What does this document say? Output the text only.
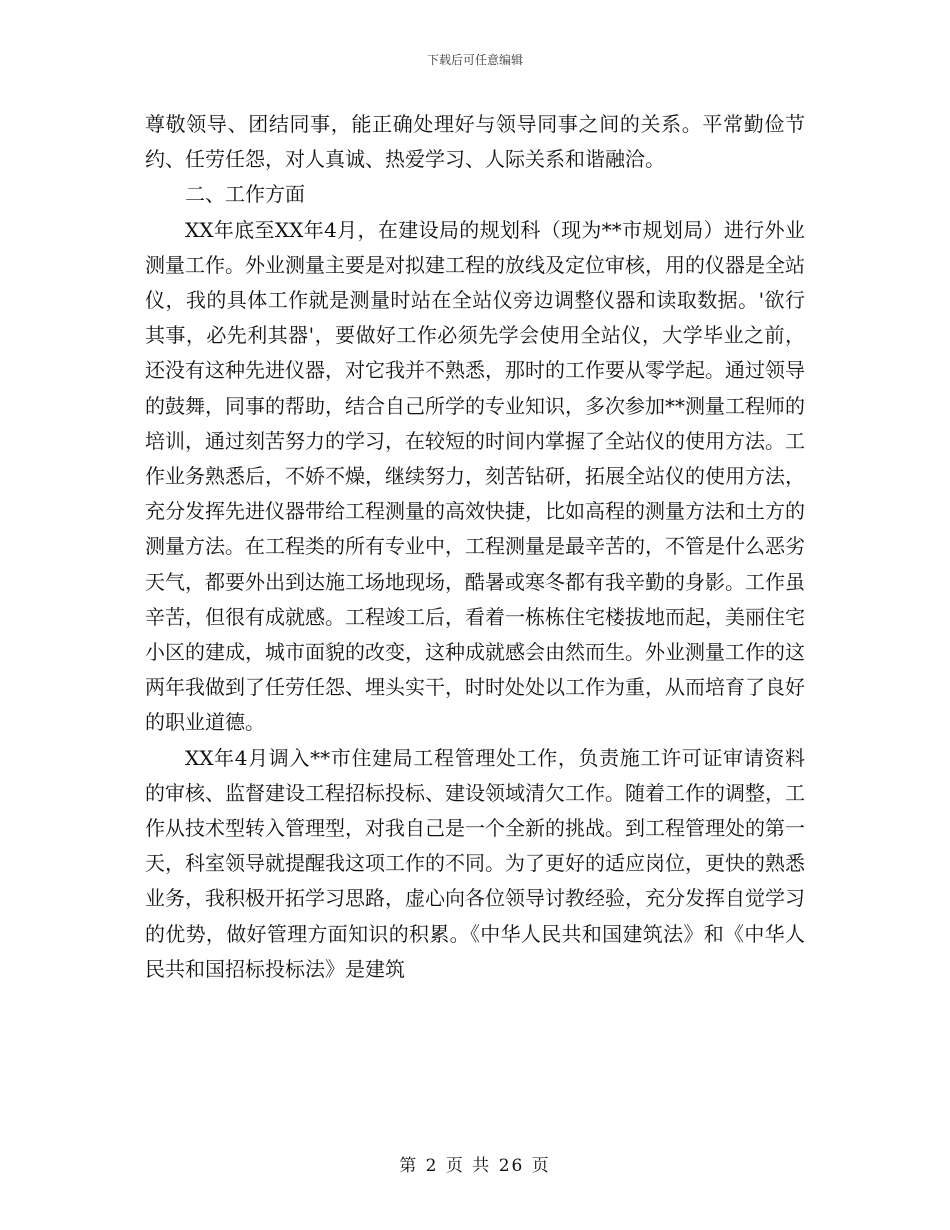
下载后可任意编辑

尊敬领导、团结同事，能正确处理好与领导同事之间的关系。平常勤俭节约、任劳任怨，对人真诚、热爱学习、人际关系和谐融洽。

二、工作方面

XX年底至XX年4月，在建设局的规划科（现为**市规划局）进行外业测量工作。外业测量主要是对拟建工程的放线及定位审核，用的仪器是全站仪，我的具体工作就是测量时站在全站仪旁边调整仪器和读取数据。'欲行其事，必先利其器'，要做好工作必须先学会使用全站仪，大学毕业之前，还没有这种先进仪器，对它我并不熟悉，那时的工作要从零学起。通过领导的鼓舞，同事的帮助，结合自己所学的专业知识，多次参加**测量工程师的培训，通过刻苦努力的学习，在较短的时间内掌握了全站仪的使用方法。工作业务熟悉后，不娇不燥，继续努力，刻苦钻研，拓展全站仪的使用方法，充分发挥先进仪器带给工程测量的高效快捷，比如高程的测量方法和土方的测量方法。在工程类的所有专业中，工程测量是最辛苦的，不管是什么恶劣天气，都要外出到达施工场地现场，酷暑或寒冬都有我辛勤的身影。工作虽辛苦，但很有成就感。工程竣工后，看着一栋栋住宅楼拔地而起，美丽住宅小区的建成，城市面貌的改变，这种成就感会由然而生。外业测量工作的这两年我做到了任劳任怨、埋头实干，时时处处以工作为重，从而培育了良好的职业道德。

XX年4月调入**市住建局工程管理处工作，负责施工许可证审请资料的审核、监督建设工程招标投标、建设领域清欠工作。随着工作的调整，工作从技术型转入管理型，对我自己是一个全新的挑战。到工程管理处的第一天，科室领导就提醒我这项工作的不同。为了更好的适应岗位，更快的熟悉业务，我积极开拓学习思路，虚心向各位领导讨教经验，充分发挥自觉学习的优势，做好管理方面知识的积累。《中华人民共和国建筑法》和《中华人民共和国招标投标法》是建筑

第 2 页 共 26 页
